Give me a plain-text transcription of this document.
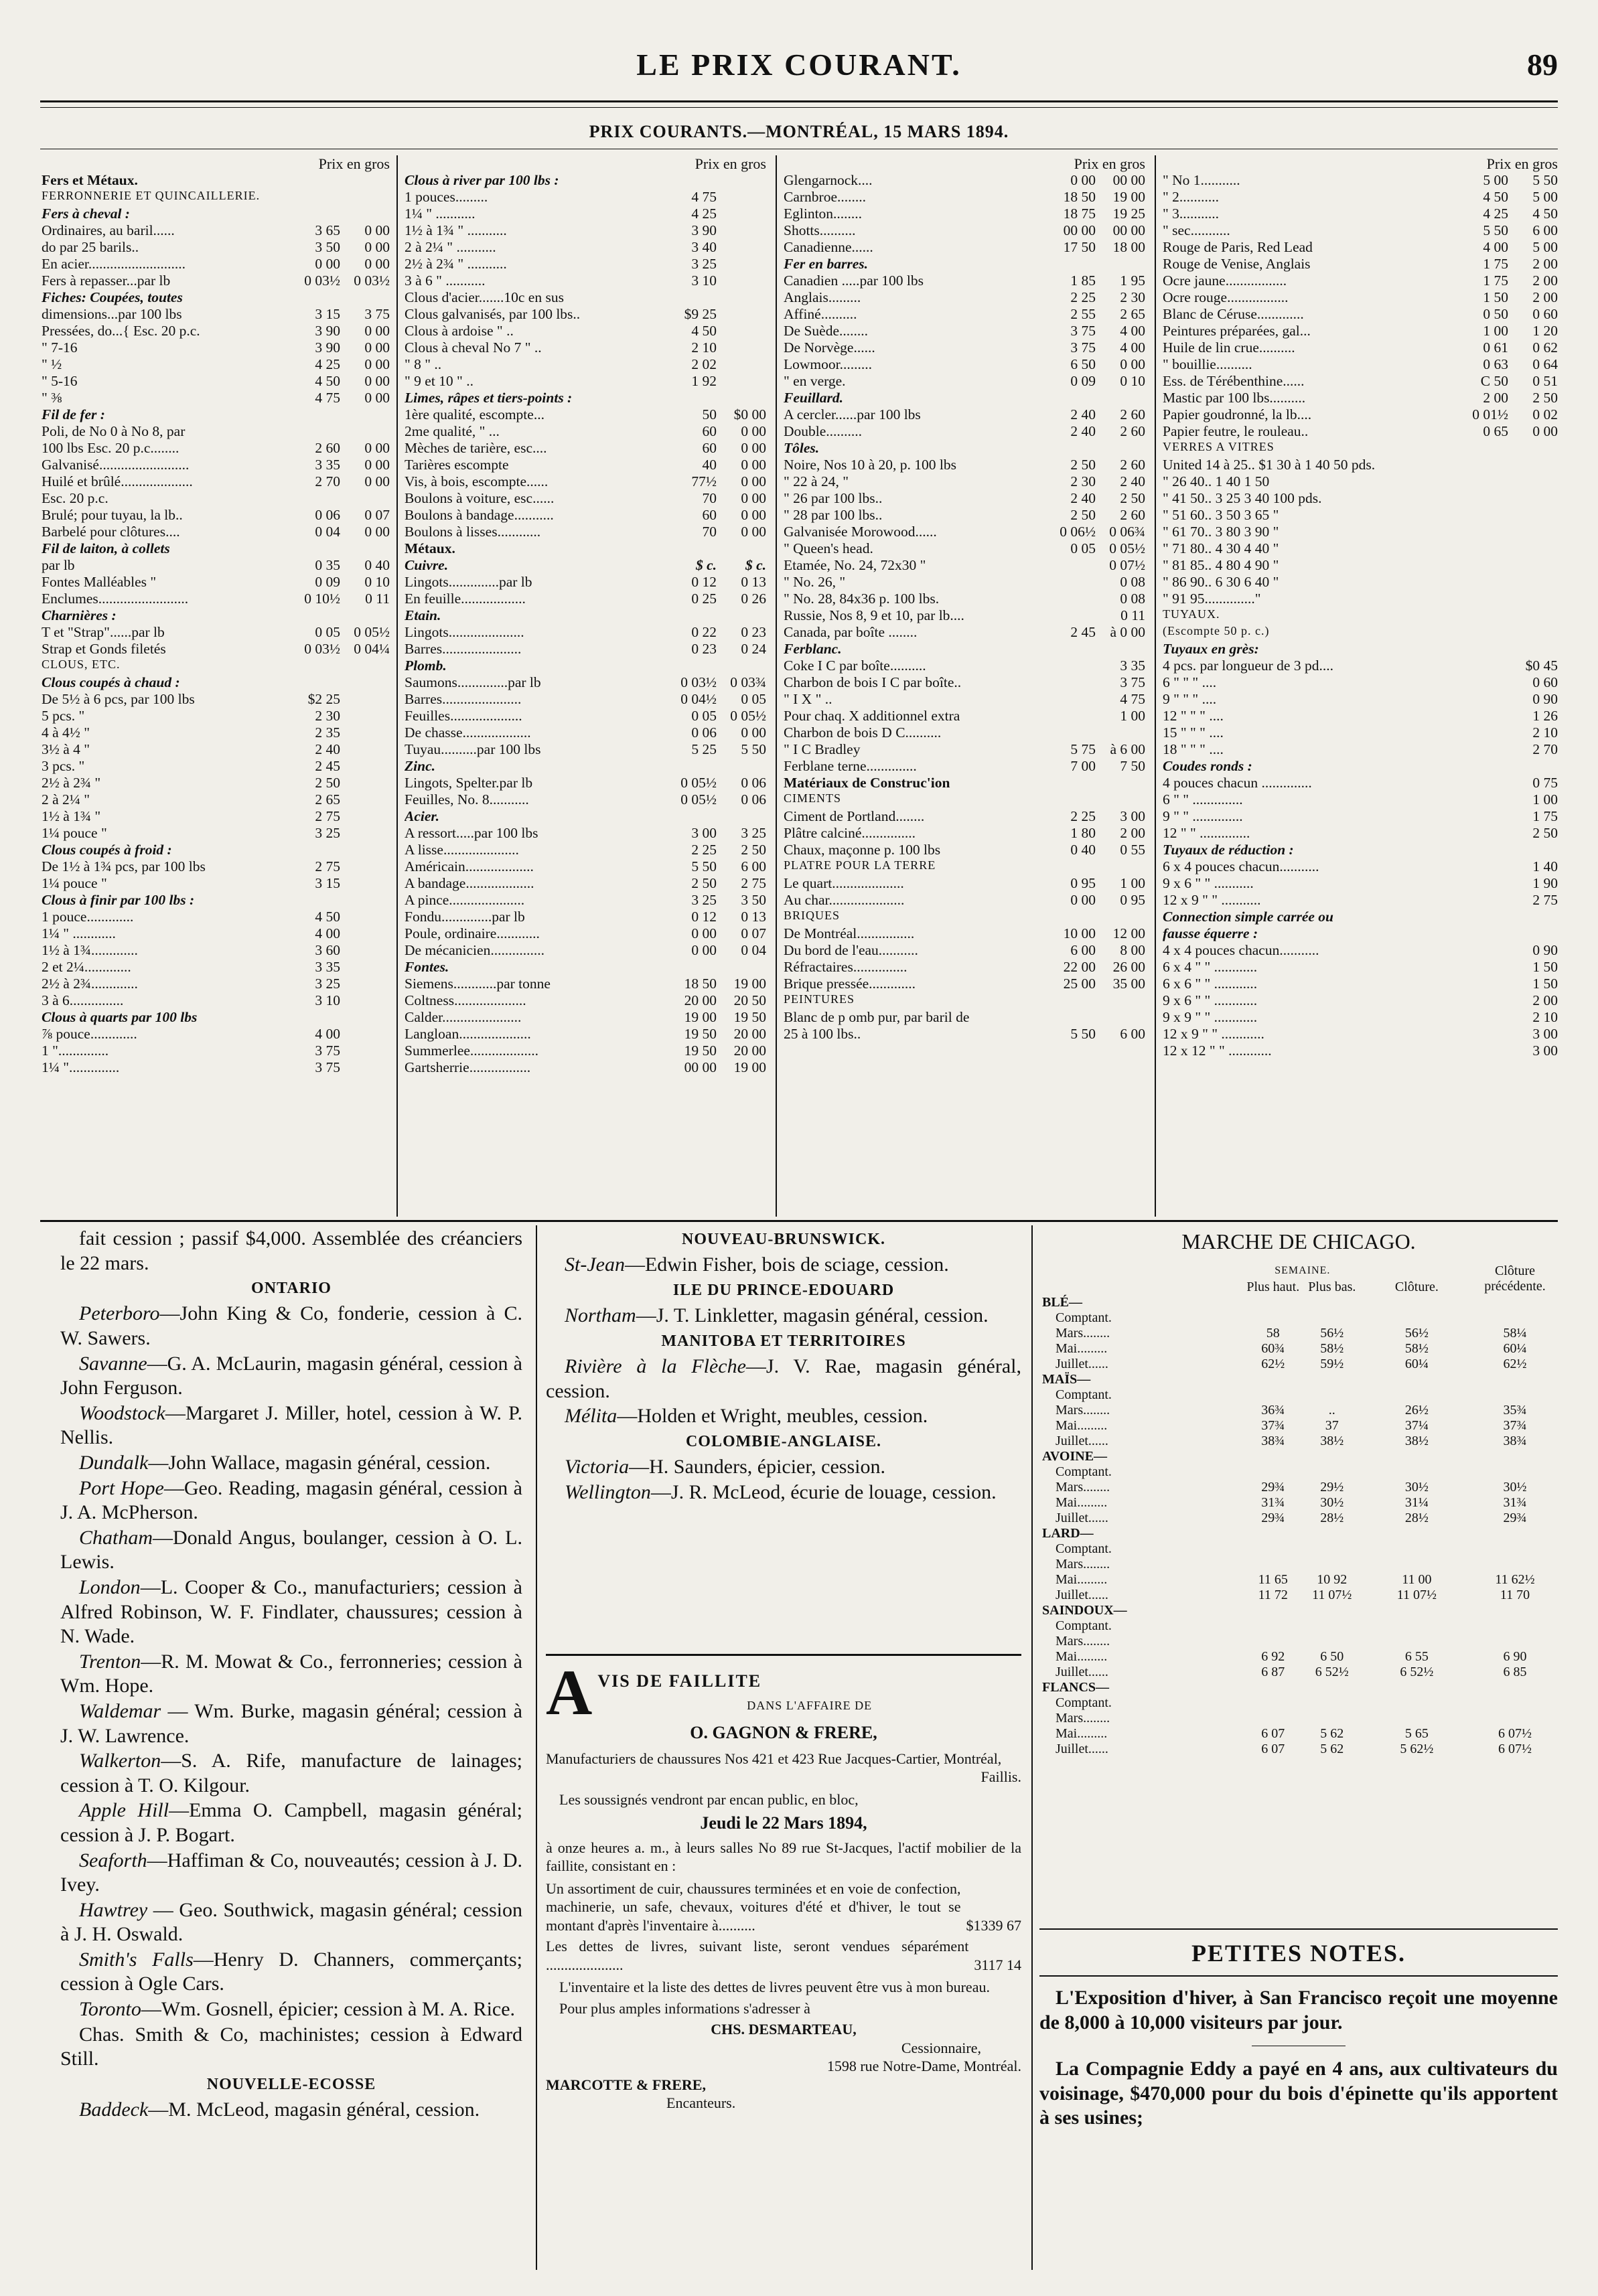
LE PRIX COURANT.	89
PRIX COURANTS.—MONTRÉAL, 15 MARS 1894.
Prix en gros
Fers et Métaux.
FERRONNERIE ET QUINCAILLERIE.
Fers à cheval :
Ordinaires, au baril......	3 65	0 00
do par 25 barils..	3 50	0 00
En acier...........................	0 00	0 00
Fers à repasser...par lb	0 03½ 0 03½
Fiches: Coupées, toutes
dimensions...par 100 lbs	3 15	3 75
Pressées, do...{ Esc. 20 p.c.	3 90	0 00
" 7-16	3 90	0 00
" ½	4 25	0 00
" 5-16	4 50	0 00
" ⅜	4 75	0 00
Fil de fer :
Poli, de No 0 à No 8, par
100 lbs Esc. 20 p.c........	2 60	0 00
Galvanisé.........................	3 35	0 00
Huilé et brûlé....................	2 70	0 00
Esc. 20 p.c.
Brulé; pour tuyau, la lb..	0 06	0 07
Barbelé pour clôtures....	0 04	0 00
Fil de laiton, à collets
par lb	0 35	0 40
Fontes Malléables "	0 09	0 10
Enclumes.........................	0 10½	0 11
Charnières :
T et "Strap"......par lb	0 05 0 05½
Strap et Gonds filetés	0 03½ 0 04¼
CLOUS, ETC.
Clous coupés à chaud :
De 5½ à 6 pcs, par 100 lbs	$2 25
5 pcs. "	2 30
4 à 4½ "	2 35
3½ à 4 "	2 40
3 pcs. "	2 45
2½ à 2¾ "	2 50
2 à 2¼ "	2 65
1½ à 1¾ "	2 75
1¼ pouce "	3 25
Clous coupés à froid :
De 1½ à 1¾ pcs, par 100 lbs	2 75
1¼ pouce "	3 15
Clous à finir par 100 lbs :
1 pouce.............	4 50
1¼ " ............	4 00
1½ à 1¾.............	3 60
2 et 2¼.............	3 35
2½ à 2¾.............	3 25
3 à 6...............	3 10
Clous à quarts par 100 lbs
⅞ pouce.............	4 00
1 "..............	3 75
1¼ "..............	3 75
Prix en gros
Clous à river par 100 lbs :
1 pouces.........	4 75
1¼ " ...........	4 25
1½ à 1¾ " ...........	3 90
2 à 2¼ " ...........	3 40
2½ à 2¾ " ...........	3 25
3 à 6 " ...........	3 10
Clous d'acier.......10c en sus
Clous galvanisés, par 100 lbs..	$9 25
Clous à ardoise " ..	4 50
Clous à cheval No 7 " ..	2 10
" 8 " ..	2 02
" 9 et 10 " ..	1 92
Limes, râpes et tiers-points :
1ère qualité, escompte...	50	$0 00
2me qualité, " ...	60	0 00
Mèches de tarière, esc....	60	0 00
Tarières escompte	40	0 00
Vis, à bois, escompte......	77½	0 00
Boulons à voiture, esc......	70	0 00
Boulons à bandage...........	60	0 00
Boulons à lisses............	70	0 00
Métaux.
Cuivre.	$ c.	$ c.
Lingots..............par lb	0 12	0 13
En feuille..................	0 25	0 26
Etain.
Lingots.....................	0 22	0 23
Barres......................	0 23	0 24
Plomb.
Saumons..............par lb	0 03½ 0 03¾
Barres......................	0 04½	0 05
Feuilles....................	0 05 0 05½
De chasse...................	0 06	0 00
Tuyau..........par 100 lbs	5 25	5 50
Zinc.
Lingots, Spelter.par lb	0 05½	0 06
Feuilles, No. 8...........	0 05½	0 06
Acier.
A ressort.....par 100 lbs	3 00	3 25
A lisse.....................	2 25	2 50
Américain...................	5 50	6 00
A bandage...................	2 50	2 75
A pince.....................	3 25	3 50
Fondu..............par lb	0 12	0 13
Poule, ordinaire............	0 00	0 07
De mécanicien...............	0 00	0 04
Fontes.
Siemens............par tonne	18 50	19 00
Coltness....................	20 00	20 50
Calder......................	19 00	19 50
Langloan....................	19 50	20 00
Summerlee...................	19 50	20 00
Gartsherrie.................	00 00	19 00
Prix en gros
Glengarnock....	0 00	00 00
Carnbroe........	18 50	19 00
Eglinton........	18 75	19 25
Shotts..........	00 00	00 00
Canadienne......	17 50	18 00
Fer en barres.
Canadien .....par 100 lbs	1 85	1 95
Anglais.........	2 25	2 30
Affiné..........	2 55	2 65
De Suède........	3 75	4 00
De Norvège......	3 75	4 00
Lowmoor.........	6 50	0 00
" en verge.	0 09	0 10
Feuillard.
A cercler......par 100 lbs	2 40	2 60
Double..........	2 40	2 60
Tôles.
Noire, Nos 10 à 20, p. 100 lbs	2 50	2 60
" 22 à 24, "	2 30	2 40
" 26 par 100 lbs..	2 40	2 50
" 28 par 100 lbs..	2 50	2 60
Galvanisée Morowood......	0 06½ 0 06¾
" Queen's head.	0 05 0 05½
Etamée, No. 24, 72x30 "	0 07½
" No. 26, "	0 08
" No. 28, 84x36 p. 100 lbs.	0 08
Russie, Nos 8, 9 et 10, par lb....	0 11
Canada, par boîte ........	2 45 à 0 00
Ferblanc.
Coke I C par boîte..........	3 35
Charbon de bois I C par boîte..	3 75
" I X " ..	4 75
Pour chaq. X additionnel extra	1 00
Charbon de bois D C..........
" I C Bradley	5 75 à 6 00
Ferblane terne..............	7 00	7 50
Matériaux de Construc'ion
CIMENTS
Ciment de Portland........	2 25	3 00
Plâtre calciné...............	1 80	2 00
Chaux, maçonne p. 100 lbs	0 40	0 55
PLATRE POUR LA TERRE
Le quart....................	0 95	1 00
Au char.....................	0 00	0 95
BRIQUES
De Montréal................	10 00	12 00
Du bord de l'eau...........	6 00	8 00
Réfractaires...............	22 00	26 00
Brique pressée.............	25 00	35 00
PEINTURES
Blanc de p omb pur, par baril de
25 à 100 lbs..	5 50	6 00
Prix en gros
" No 1...........	5 00	5 50
" 2...........	4 50	5 00
" 3...........	4 25	4 50
" sec...........	5 50	6 00
Rouge de Paris, Red Lead	4 00	5 00
Rouge de Venise, Anglais	1 75	2 00
Ocre jaune.................	1 75	2 00
Ocre rouge.................	1 50	2 00
Blanc de Céruse.............	0 50	0 60
Peintures préparées, gal...	1 00	1 20
Huile de lin crue..........	0 61	0 62
" bouillie..........	0 63	0 64
Ess. de Térébenthine......	C 50	0 51
Mastic par 100 lbs..........	2 00	2 50
Papier goudronné, la lb....	0 01½	0 02
Papier feutre, le rouleau..	0 65	0 00
VERRES A VITRES
United 14 à 25.. $1 30 à 1 40 50 pds.
" 26 40.. 1 40 1 50
" 41 50.. 3 25 3 40 100 pds.
" 51 60.. 3 50 3 65 "
" 61 70.. 3 80 3 90 "
" 71 80.. 4 30 4 40 "
" 81 85.. 4 80 4 90 "
" 86 90.. 6 30 6 40 "
" 91 95.............."
TUYAUX.
(Escompte 50 p. c.)
Tuyaux en grès:
4 pcs. par longueur de 3 pd....	$0 45
6 " " " ....	0 60
9 " " " ....	0 90
12 " " " ....	1 26
15 " " " ....	2 10
18 " " " ....	2 70
Coudes ronds :
4 pouces chacun ..............	0 75
6 " " ..............	1 00
9 " " ..............	1 75
12 " " ..............	2 50
Tuyaux de réduction :
6 x 4 pouces chacun...........	1 40
9 x 6 " " ...........	1 90
12 x 9 " " ...........	2 75
Connection simple carrée ou
fausse équerre :
4 x 4 pouces chacun...........	0 90
6 x 4 " " ............	1 50
6 x 6 " " ............	1 50
9 x 6 " " ............	2 00
9 x 9 " " ............	2 10
12 x 9 " " ............	3 00
12 x 12 " " ............	3 00

fait cession ; passif $4,000. Assemblée des créanciers le 22 mars.

ONTARIO

Peterboro—John King & Co, fonderie, cession à C. W. Sawers.

Savanne—G. A. McLaurin, magasin général, cession à John Ferguson.

Woodstock—Margaret J. Miller, hotel, cession à W. P. Nellis.

Dundalk—John Wallace, magasin général, cession.

Port Hope—Geo. Reading, magasin général, cession à J. A. McPherson.

Chatham—Donald Angus, boulanger, cession à O. L. Lewis.

London—L. Cooper & Co., manufacturiers; cession à Alfred Robinson, W. F. Findlater, chaussures; cession à N. Wade.

Trenton—R. M. Mowat & Co., ferronneries; cession à Wm. Hope.

Waldemar — Wm. Burke, magasin général; cession à J. W. Lawrence.

Walkerton—S. A. Rife, manufacture de lainages; cession à T. O. Kilgour.

Apple Hill—Emma O. Campbell, magasin général; cession à J. P. Bogart.

Seaforth—Haffiman & Co, nouveautés; cession à J. D. Ivey.

Hawtrey — Geo. Southwick, magasin général; cession à J. H. Oswald.

Smith's Falls—Henry D. Channers, commerçants; cession à Ogle Cars.

Toronto—Wm. Gosnell, épicier; cession à M. A. Rice.

Chas. Smith & Co, machinistes; cession à Edward Still.

NOUVELLE-ECOSSE

Baddeck—M. McLeod, magasin général, cession.

NOUVEAU-BRUNSWICK.

St-Jean—Edwin Fisher, bois de sciage, cession.

ILE DU PRINCE-EDOUARD

Northam—J. T. Linkletter, magasin général, cession.

MANITOBA ET TERRITOIRES

Rivière à la Flèche—J. V. Rae, magasin général, cession.

Mélita—Holden et Wright, meubles, cession.

COLOMBIE-ANGLAISE.

Victoria—H. Saunders, épicier, cession.

Wellington—J. R. McLeod, écurie de louage, cession.

A VIS DE FAILLITE
DANS L'AFFAIRE DE
O. GAGNON & FRERE,

Manufacturiers de chaussures Nos 421 et 423 Rue Jacques-Cartier, Montréal,

Faillis.

Les soussignés vendront par encan public, en bloc,

Jeudi le 22 Mars 1894,

à onze heures a. m., à leurs salles No 89 rue St-Jacques, l'actif mobilier de la faillite, consistant en :

Un assortiment de cuir, chaussures terminées et en voie de confection, machinerie, un safe, chevaux, voitures d'été et d'hiver, le tout se montant d'après l'inventaire à..........	$1339 67

Les dettes de livres, suivant liste, seront vendues séparément .....................	3117 14

L'inventaire et la liste des dettes de livres peuvent être vus à mon bureau.

Pour plus amples informations s'adresser à

CHS. DESMARTEAU,

Cessionnaire,

1598 rue Notre-Dame, Montréal.

MARCOTTE & FRERE,

Encanteurs.

MARCHE DE CHICAGO.
	SEMAINE.			Clôture précédente.
	Plus haut.	Plus bas.	Clôture.	
BLÉ—				
Comptant.				
Mars........	58	56½	56½	58¼
Mai.........	60¾	58½	58½	60¼
Juillet......	62½	59½	60¼	62½
MAÏS—				
Comptant.				
Mars........	36¾	..	26½	35¾
Mai.........	37¾	37	37¼	37¾
Juillet......	38¾	38½	38½	38¾
AVOINE—				
Comptant.				
Mars........	29¾	29½	30½	30½
Mai.........	31¾	30½	31¼	31¾
Juillet......	29¾	28½	28½	29¾
LARD—				
Comptant.				
Mars........				
Mai.........	11 65	10 92	11 00	11 62½
Juillet......	11 72	11 07½	11 07½	11 70
SAINDOUX—				
Comptant.				
Mars........				
Mai.........	6 92	6 50	6 55	6 90
Juillet......	6 87	6 52½	6 52½	6 85
FLANCS—				
Comptant.				
Mars........				
Mai.........	6 07	5 62	5 65	6 07½
Juillet......	6 07	5 62	5 62½	6 07½
PETITES NOTES.

L'Exposition d'hiver, à San Francisco reçoit une moyenne de 8,000 à 10,000 visiteurs par jour.

La Compagnie Eddy a payé en 4 ans, aux cultivateurs du voisinage, $470,000 pour du bois d'épinette qu'ils apportent à ses usines;
